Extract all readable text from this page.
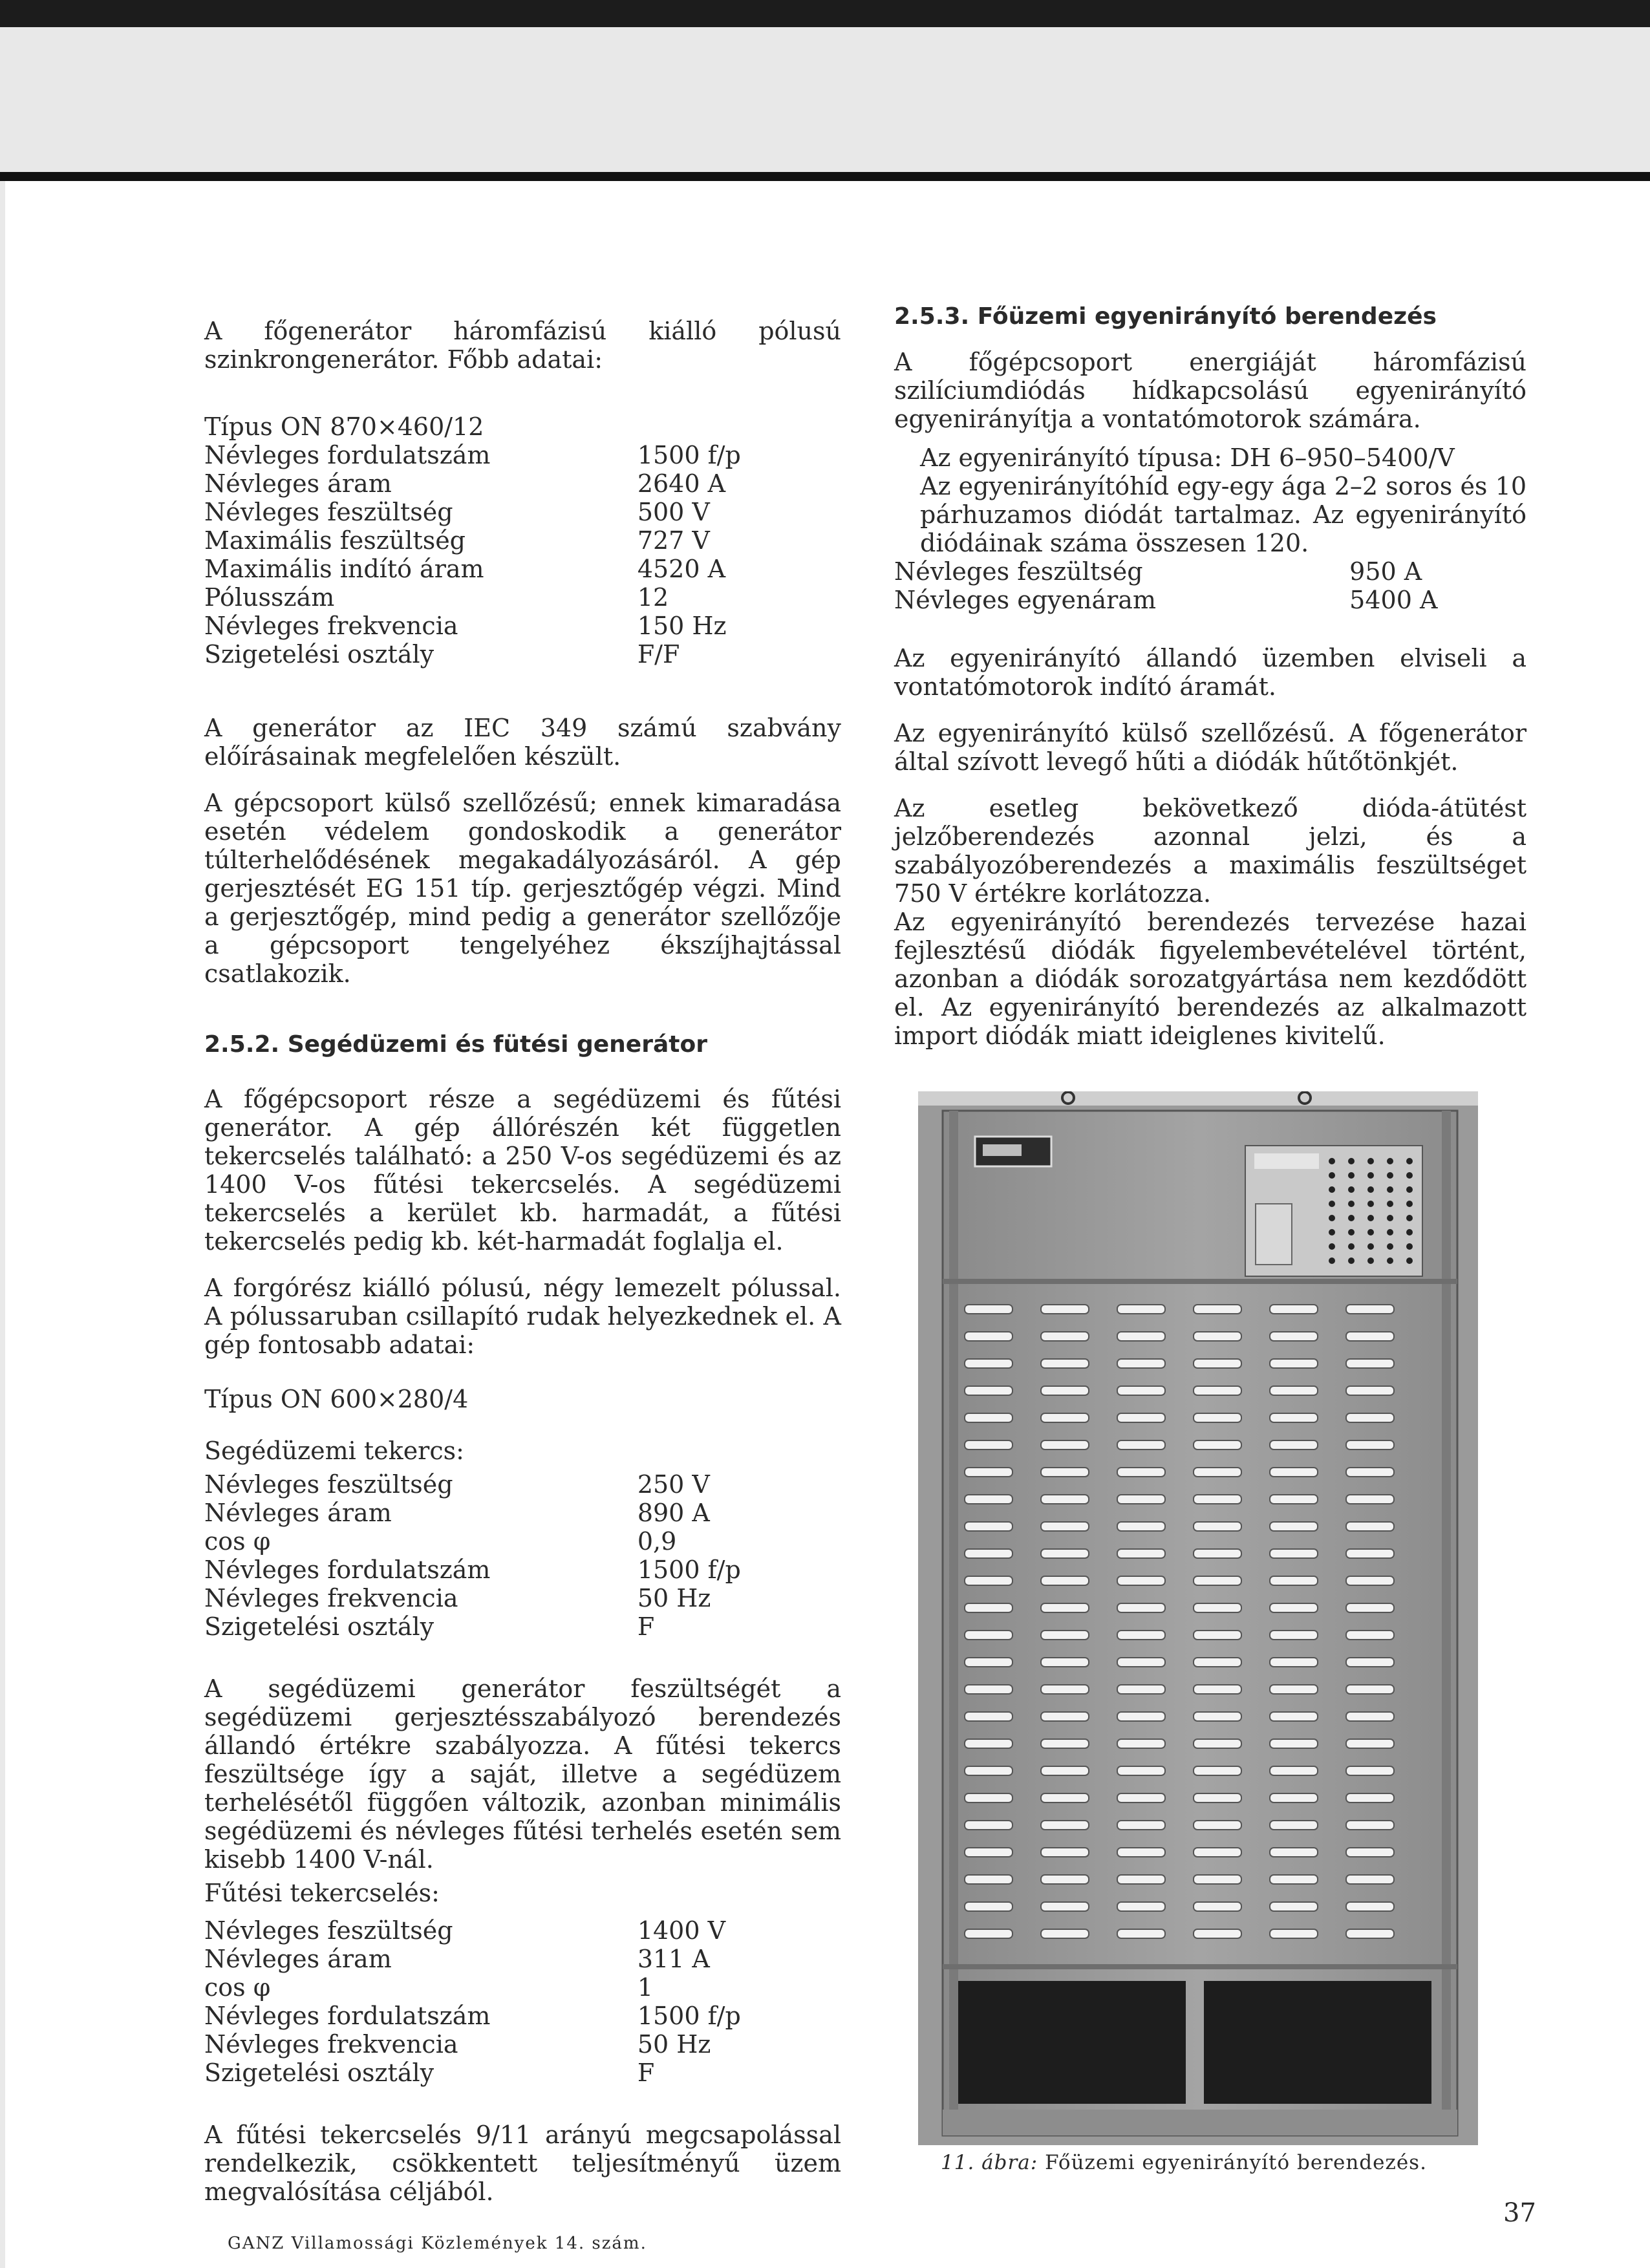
A főgenerátor háromfázisú kiálló pólusú szinkrongenerátor. Főbb adatai:

Típus ON 870×460/12	
Névleges fordulatszám	1500 f/p
Névleges áram	2640 A
Névleges feszültség	500 V
Maximális feszültség	727 V
Maximális indító áram	4520 A
Pólusszám	12
Névleges frekvencia	150 Hz
Szigetelési osztály	F/F

A generátor az IEC 349 számú szabvány előírásainak megfelelően készült.

A gépcsoport külső szellőzésű; ennek kimaradása esetén védelem gondoskodik a generátor túlterhelődésének megakadályozásáról. A gép gerjesztését EG 151 típ. gerjesztőgép végzi. Mind a gerjesztőgép, mind pedig a generátor szellőzője a gépcsoport tengelyéhez ékszíjhajtással csatlakozik.

2.5.2. Segédüzemi és fütési generátor

A főgépcsoport része a segédüzemi és fűtési generátor. A gép állórészén két független tekercselés található: a 250 V-os segédüzemi és az 1400 V-os fűtési tekercselés. A segédüzemi tekercselés a kerület kb. harmadát, a fűtési tekercselés pedig kb. két-harmadát foglalja el.

A forgórész kiálló pólusú, négy lemezelt pólussal. A pólussaruban csillapító rudak helyezkednek el. A gép fontosabb adatai:

Típus ON 600×280/4
Segédüzemi tekercs:
Névleges feszültség	250 V
Névleges áram	890 A
cos φ	0,9
Névleges fordulatszám	1500 f/p
Névleges frekvencia	50 Hz
Szigetelési osztály	F

A segédüzemi generátor feszültségét a segédüzemi gerjesztésszabályozó berendezés állandó értékre szabályozza. A fűtési tekercs feszültsége így a saját, illetve a segédüzem terhelésétől függően változik, azonban minimális segédüzemi és névleges fűtési terhelés esetén sem kisebb 1400 V-nál.

Fűtési tekercselés:
Névleges feszültség	1400 V
Névleges áram	311 A
cos φ	1
Névleges fordulatszám	1500 f/p
Névleges frekvencia	50 Hz
Szigetelési osztály	F

A fűtési tekercselés 9/11 arányú megcsapolással rendelkezik, csökkentett teljesítményű üzem megvalósítása céljából.

2.5.3. Főüzemi egyenirányító berendezés

A főgépcsoport energiáját háromfázisú szilíciumdiódás hídkapcsolású egyenirányító egyenirányítja a vontatómotorok számára.

Az egyenirányító típusa: DH 6–950–5400/V

Az egyenirányítóhíd egy-egy ága 2–2 soros és 10 párhuzamos diódát tartalmaz. Az egyenirányító diódáinak száma összesen 120.

Névleges feszültség	950 A
Névleges egyenáram	5400 A

Az egyenirányító állandó üzemben elviseli a vontatómotorok indító áramát.

Az egyenirányító külső szellőzésű. A főgenerátor által szívott levegő hűti a diódák hűtőtönkjét.

Az esetleg bekövetkező dióda-átütést jelzőberendezés azonnal jelzi, és a szabályozóberendezés a maximális feszültséget 750 V értékre korlátozza.

Az egyenirányító berendezés tervezése hazai fejlesztésű diódák figyelembevételével történt, azonban a diódák sorozatgyártása nem kezdődött el. Az egyenirányító berendezés az alkalmazott import diódák miatt ideiglenes kivitelű.

11. ábra: Főüzemi egyenirányító berendezés.
GANZ Villamossági Közlemények 14. szám.
37
